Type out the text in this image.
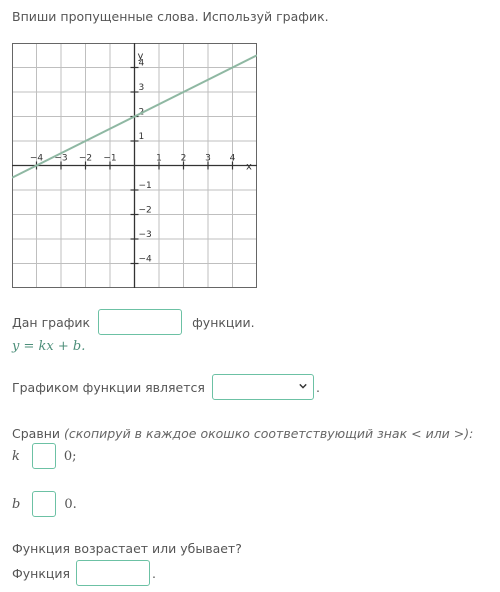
Впиши пропущенные слова. Используй график.
x
y
−4 −3 −2 −1	1 2 3 4
4
3
2
1
−1
−2
−3
−4
Дан график	функции.
y = kx + b.
Графиком функции является	.
Сравни (скопируй в каждое окошко соответствующий знак < или >):
k	0;
b	0.
Функция возрастает или убывает?
Функция	.
